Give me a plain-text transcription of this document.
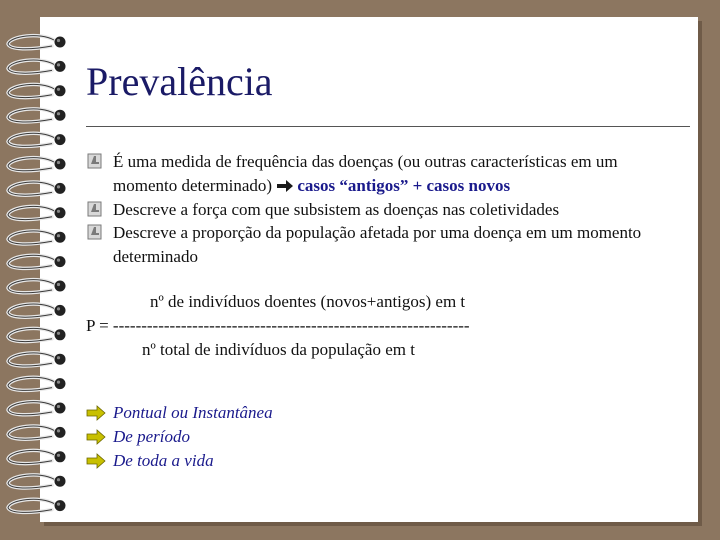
Prevalência
É uma medida de frequência das doenças (ou outras características em um momento determinado) casos “antigos” + casos novos
Descreve a força com que subsistem as doenças nas coletividades
Descreve a proporção da população afetada por uma doença em um momento determinado
nº de indivíduos doentes (novos+antigos) em t
P = ---------------------------------------------------------------
nº total de indivíduos da população em t
Pontual ou Instantânea
De período
De toda a vida
